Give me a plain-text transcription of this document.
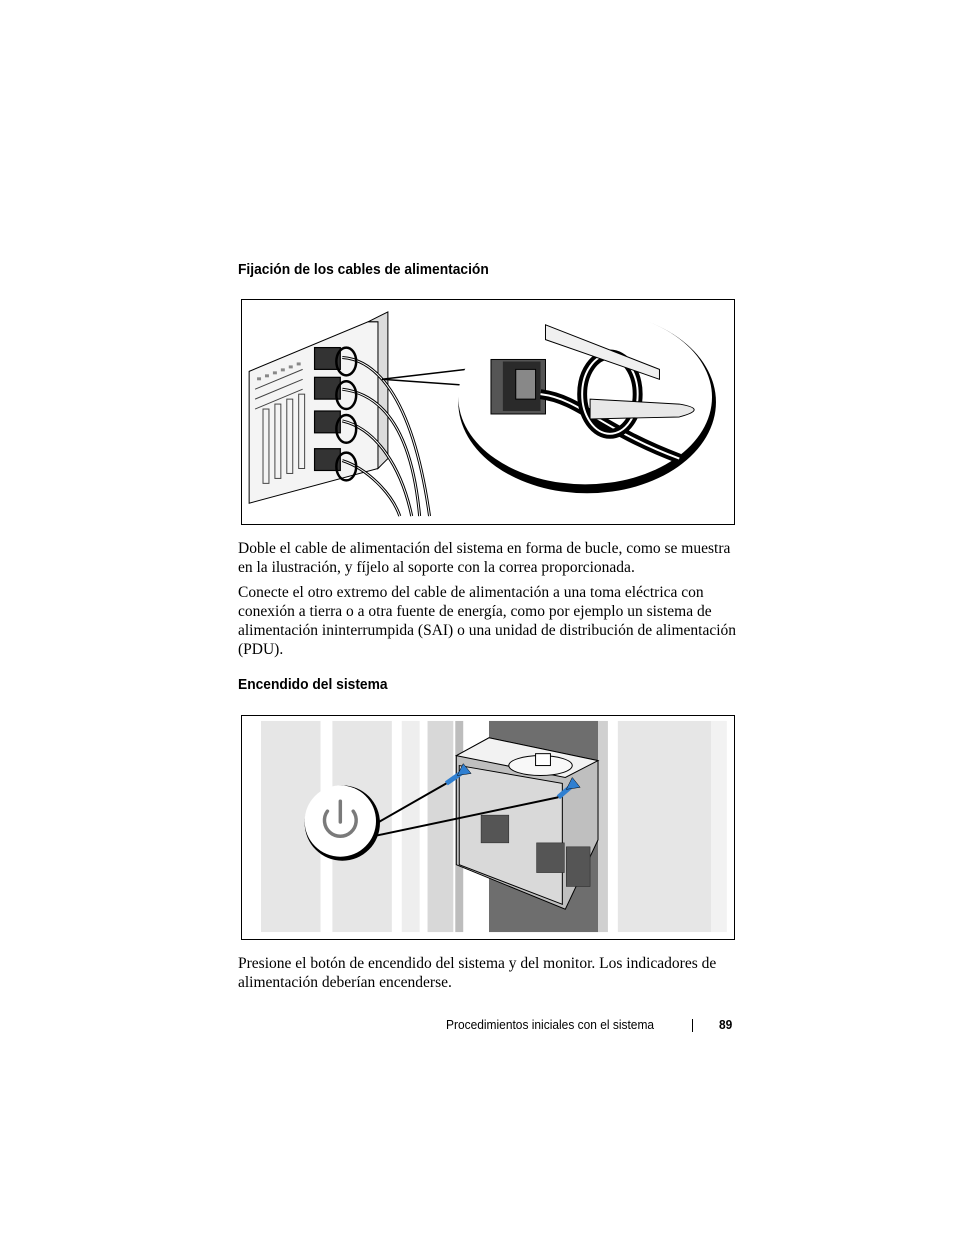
Fijación de los cables de alimentación

Doble el cable de alimentación del sistema en forma de bucle, como se muestra en la ilustración, y fíjelo al soporte con la correa proporcionada.

Conecte el otro extremo del cable de alimentación a una toma eléctrica con conexión a tierra o a otra fuente de energía, como por ejemplo un sistema de alimentación ininterrumpida (SAI) o una unidad de distribución de alimentación (PDU).

Encendido del sistema

Presione el botón de encendido del sistema y del monitor. Los indicadores de alimentación deberían encenderse.

Procedimientos iniciales con el sistema	89
